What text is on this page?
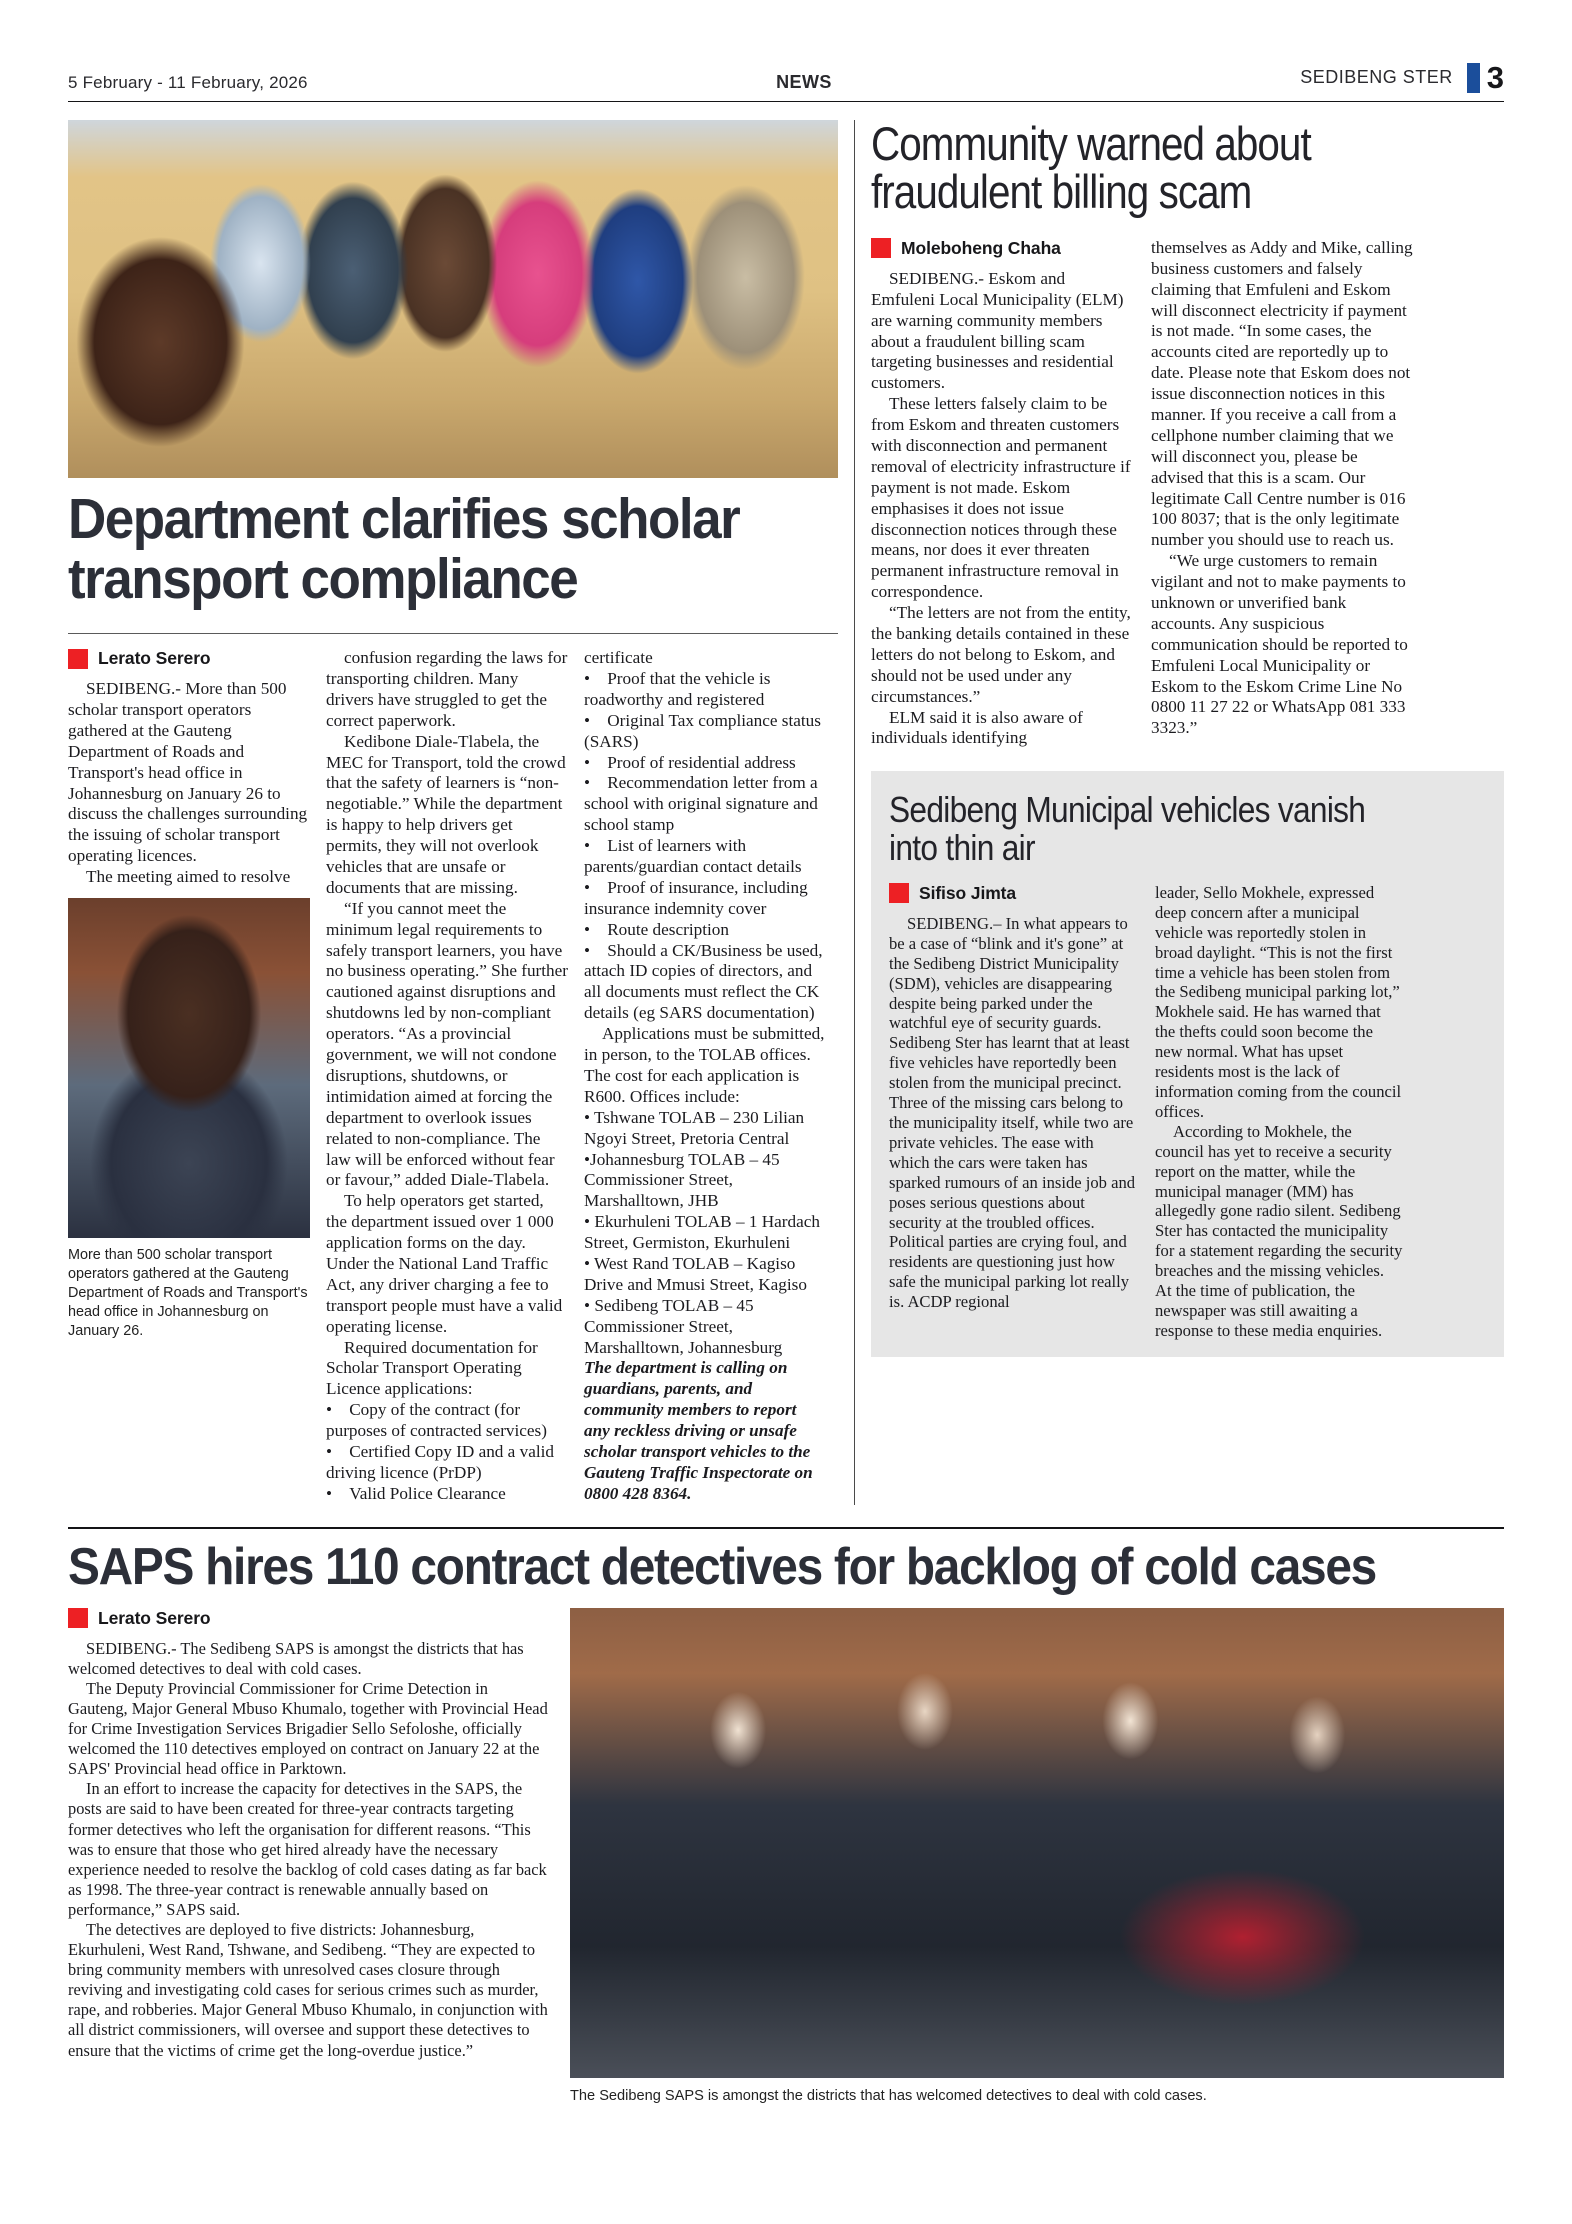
5 February - 11 February, 2026	NEWS	SEDIBENG STER 3
Department clarifies scholar transport compliance
Lerato Serero

SEDIBENG.- More than 500 scholar transport operators gathered at the Gauteng Department of Roads and Transport's head office in Johannesburg on January 26 to discuss the challenges surrounding the issuing of scholar transport operating licences.

The meeting aimed to resolve

More than 500 scholar transport operators gathered at the Gauteng Department of Roads and Transport's head office in Johannesburg on January 26.

confusion regarding the laws for transporting children. Many drivers have struggled to get the correct paperwork.

Kedibone Diale-Tlabela, the MEC for Transport, told the crowd that the safety of learners is “non-negotiable.” While the department is happy to help drivers get permits, they will not overlook vehicles that are unsafe or documents that are missing.

“If you cannot meet the minimum legal requirements to safely transport learners, you have no business operating.” She further cautioned against disruptions and shutdowns led by non-compliant operators. “As a provincial government, we will not condone disruptions, shutdowns, or intimidation aimed at forcing the department to overlook issues related to non-compliance. The law will be enforced without fear or favour,” added Diale-Tlabela.

To help operators get started, the department issued over 1 000 application forms on the day. Under the National Land Traffic Act, any driver charging a fee to transport people must have a valid operating license.

Required documentation for Scholar Transport Operating Licence applications:

• Copy of the contract (for purposes of contracted services)

• Certified Copy ID and a valid driving licence (PrDP)

• Valid Police Clearance

certificate

• Proof that the vehicle is roadworthy and registered

• Original Tax compliance status (SARS)

• Proof of residential address

• Recommendation letter from a school with original signature and school stamp

• List of learners with parents/guardian contact details

• Proof of insurance, including insurance indemnity cover

• Route description

• Should a CK/Business be used, attach ID copies of directors, and all documents must reflect the CK details (eg SARS documentation)

Applications must be submitted, in person, to the TOLAB offices. The cost for each application is R600. Offices include:

• Tshwane TOLAB – 230 Lilian Ngoyi Street, Pretoria Central

•Johannesburg TOLAB – 45 Commissioner Street, Marshalltown, JHB

• Ekurhuleni TOLAB – 1 Hardach Street, Germiston, Ekurhuleni

• West Rand TOLAB – Kagiso Drive and Mmusi Street, Kagiso

• Sedibeng TOLAB – 45 Commissioner Street, Marshalltown, Johannesburg

The department is calling on guardians, parents, and community members to report any reckless driving or unsafe scholar transport vehicles to the Gauteng Traffic Inspectorate on 0800 428 8364.

Community warned about fraudulent billing scam
Moleboheng Chaha

SEDIBENG.- Eskom and Emfuleni Local Municipality (ELM) are warning community members about a fraudulent billing scam targeting businesses and residential customers.

These letters falsely claim to be from Eskom and threaten customers with disconnection and permanent removal of electricity infrastructure if payment is not made. Eskom emphasises it does not issue disconnection notices through these means, nor does it ever threaten permanent infrastructure removal in correspondence.

“The letters are not from the entity, the banking details contained in these letters do not belong to Eskom, and should not be used under any circumstances.”

ELM said it is also aware of individuals identifying

themselves as Addy and Mike, calling business customers and falsely claiming that Emfuleni and Eskom will disconnect electricity if payment is not made. “In some cases, the accounts cited are reportedly up to date. Please note that Eskom does not issue disconnection notices in this manner. If you receive a call from a cellphone number claiming that we will disconnect you, please be advised that this is a scam. Our legitimate Call Centre number is 016 100 8037; that is the only legitimate number you should use to reach us.

“We urge customers to remain vigilant and not to make payments to unknown or unverified bank accounts. Any suspicious communication should be reported to Emfuleni Local Municipality or Eskom to the Eskom Crime Line No 0800 11 27 22 or WhatsApp 081 333 3323.”

Sedibeng Municipal vehicles vanish into thin air
Sifiso Jimta

SEDIBENG.– In what appears to be a case of “blink and it's gone” at the Sedibeng District Municipality (SDM), vehicles are disappearing despite being parked under the watchful eye of security guards. Sedibeng Ster has learnt that at least five vehicles have reportedly been stolen from the municipal precinct. Three of the missing cars belong to the municipality itself, while two are private vehicles. The ease with which the cars were taken has sparked rumours of an inside job and poses serious questions about security at the troubled offices. Political parties are crying foul, and residents are questioning just how safe the municipal parking lot really is. ACDP regional

leader, Sello Mokhele, expressed deep concern after a municipal vehicle was reportedly stolen in broad daylight. “This is not the first time a vehicle has been stolen from the Sedibeng municipal parking lot,” Mokhele said. He has warned that the thefts could soon become the new normal. What has upset residents most is the lack of information coming from the council offices.

According to Mokhele, the council has yet to receive a security report on the matter, while the municipal manager (MM) has allegedly gone radio silent. Sedibeng Ster has contacted the municipality for a statement regarding the security breaches and the missing vehicles. At the time of publication, the newspaper was still awaiting a response to these media enquiries.

SAPS hires 110 contract detectives for backlog of cold cases
Lerato Serero

SEDIBENG.- The Sedibeng SAPS is amongst the districts that has welcomed detectives to deal with cold cases.

The Deputy Provincial Commissioner for Crime Detection in Gauteng, Major General Mbuso Khumalo, together with Provincial Head for Crime Investigation Services Brigadier Sello Sefoloshe, officially welcomed the 110 detectives employed on contract on January 22 at the SAPS' Provincial head office in Parktown.

In an effort to increase the capacity for detectives in the SAPS, the posts are said to have been created for three-year contracts targeting former detectives who left the organisation for different reasons. “This was to ensure that those who get hired already have the necessary experience needed to resolve the backlog of cold cases dating as far back as 1998. The three-year contract is renewable annually based on performance,” SAPS said.

The detectives are deployed to five districts: Johannesburg, Ekurhuleni, West Rand, Tshwane, and Sedibeng. “They are expected to bring community members with unresolved cases closure through reviving and investigating cold cases for serious crimes such as murder, rape, and robberies. Major General Mbuso Khumalo, in conjunction with all district commissioners, will oversee and support these detectives to ensure that the victims of crime get the long-overdue justice.”

The Sedibeng SAPS is amongst the districts that has welcomed detectives to deal with cold cases.
